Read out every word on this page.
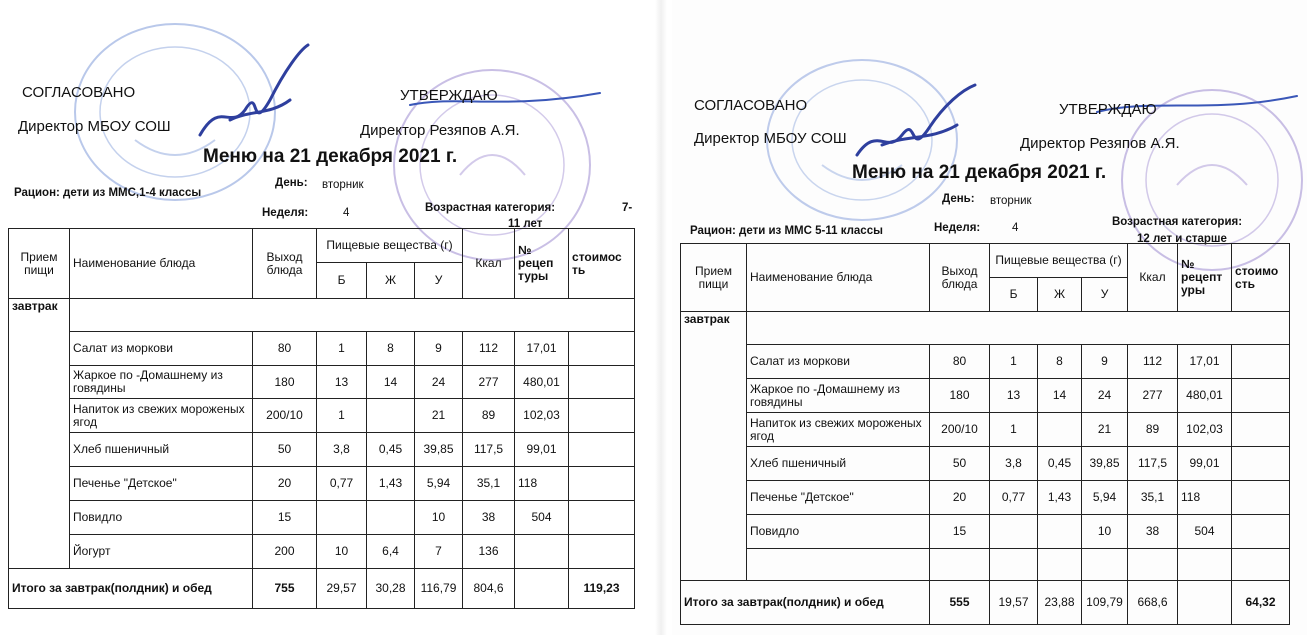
СОГЛАСОВАНО
Директор МБОУ СОШ
УТВЕРЖДАЮ
Директор Резяпов А.Я.
Меню на 21 декабря 2021 г.
Рацион: дети из ММС,1-4 классы
День: вторник
Неделя:	4	Возрастная категория:	7-
11 лет
Прием пищи	Наименование блюда	Выход блюда	Пищевые вещества (г)			Ккал	№ рецеп туры	стоимос ть
			Б	Ж	У			
завтрак								
	Салат из моркови	80	1	8	9	112	17,01	
	Жаркое по -Домашнему из говядины	180	13	14	24	277	480,01	
	Напиток из свежих мороженых ягод	200/10	1		21	89	102,03	
	Хлеб пшеничный	50	3,8	0,45	39,85	117,5	99,01	
	Печенье "Детское"	20	0,77	1,43	5,94	35,1	118	
	Повидло	15			10	38	504	
	Йогурт	200	10	6,4	7	136		
Итого за завтрак(полдник) и обед		755	29,57	30,28	116,79	804,6		119,23
СОГЛАСОВАНО
Директор МБОУ СОШ
УТВЕРЖДАЮ
Директор Резяпов А.Я.
Меню на 21 декабря 2021 г.
Рацион: дети из ММС 5-11 классы
День: вторник
Неделя:	4	Возрастная категория:
12 лет и старше
Прием пищи	Наименование блюда	Выход блюда	Пищевые вещества (г)			Ккал	№ рецепт уры	стоимо сть
			Б	Ж	У			
завтрак								
	Салат из моркови	80	1	8	9	112	17,01	
	Жаркое по -Домашнему из говядины	180	13	14	24	277	480,01	
	Напиток из свежих мороженых ягод	200/10	1		21	89	102,03	
	Хлеб пшеничный	50	3,8	0,45	39,85	117,5	99,01	
	Печенье "Детское"	20	0,77	1,43	5,94	35,1	118	
	Повидло	15			10	38	504	

Итого за завтрак(полдник) и обед		555	19,57	23,88	109,79	668,6		64,32
